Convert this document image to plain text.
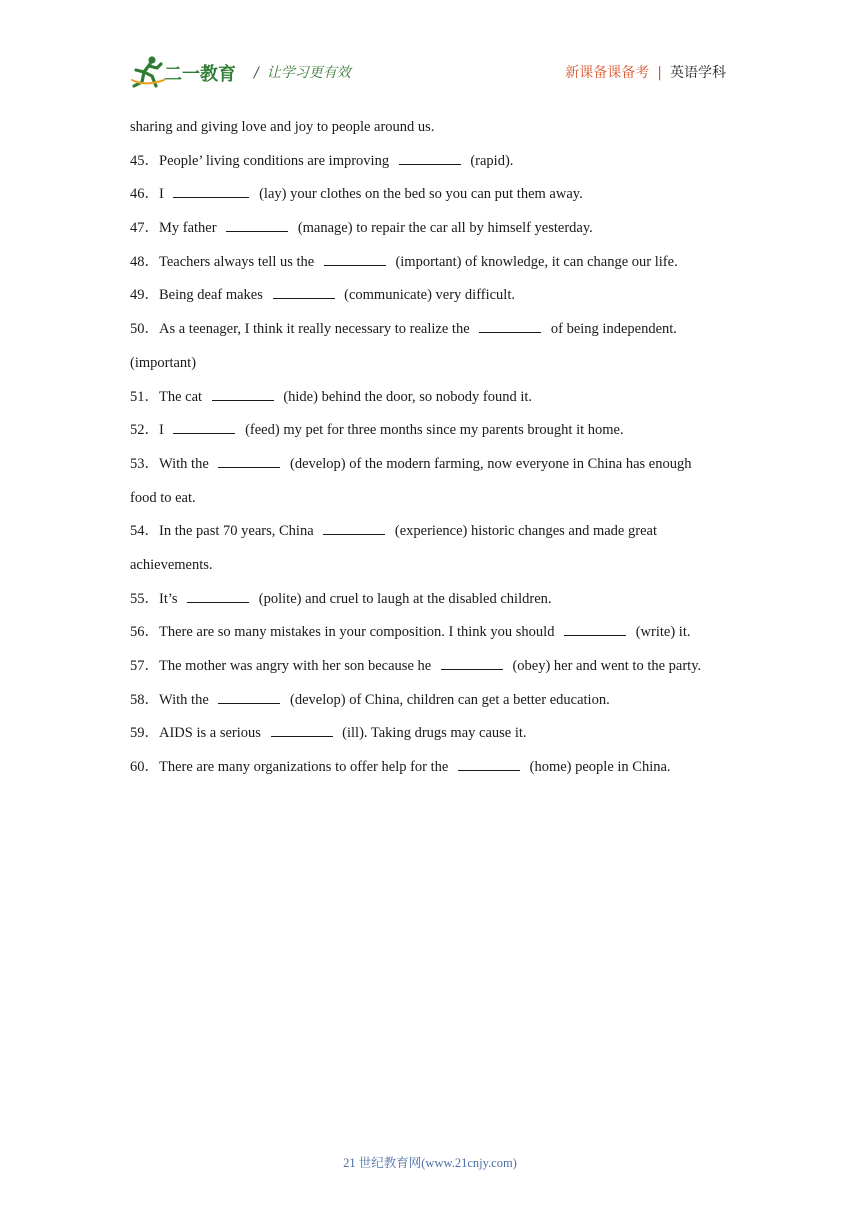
二一教育 / 让学习更有效	新课备课备考 | 英语学科
sharing and giving love and joy to people around us.
45．People’ living conditions are improving	(rapid).
46．I	(lay) your clothes on the bed so you can put them away.
47．My father	(manage) to repair the car all by himself yesterday.
48．Teachers always tell us the	(important) of knowledge, it can change our life.
49．Being deaf makes	(communicate) very difficult.
50．As a teenager, I think it really necessary to realize the	of being independent.
(important)
51．The cat	(hide) behind the door, so nobody found it.
52．I	(feed) my pet for three months since my parents brought it home.
53．With the	(develop) of the modern farming, now everyone in China has enough
food to eat.
54．In the past 70 years, China	(experience) historic changes and made great
achievements.
55．It’s	(polite) and cruel to laugh at the disabled children.
56．There are so many mistakes in your composition. I think you should	(write) it.
57．The mother was angry with her son because he	(obey) her and went to the party.
58．With the	(develop) of China, children can get a better education.
59．AIDS is a serious	(ill). Taking drugs may cause it.
60．There are many organizations to offer help for the	(home) people in China.
21 世纪教育网(www.21cnjy.com)
